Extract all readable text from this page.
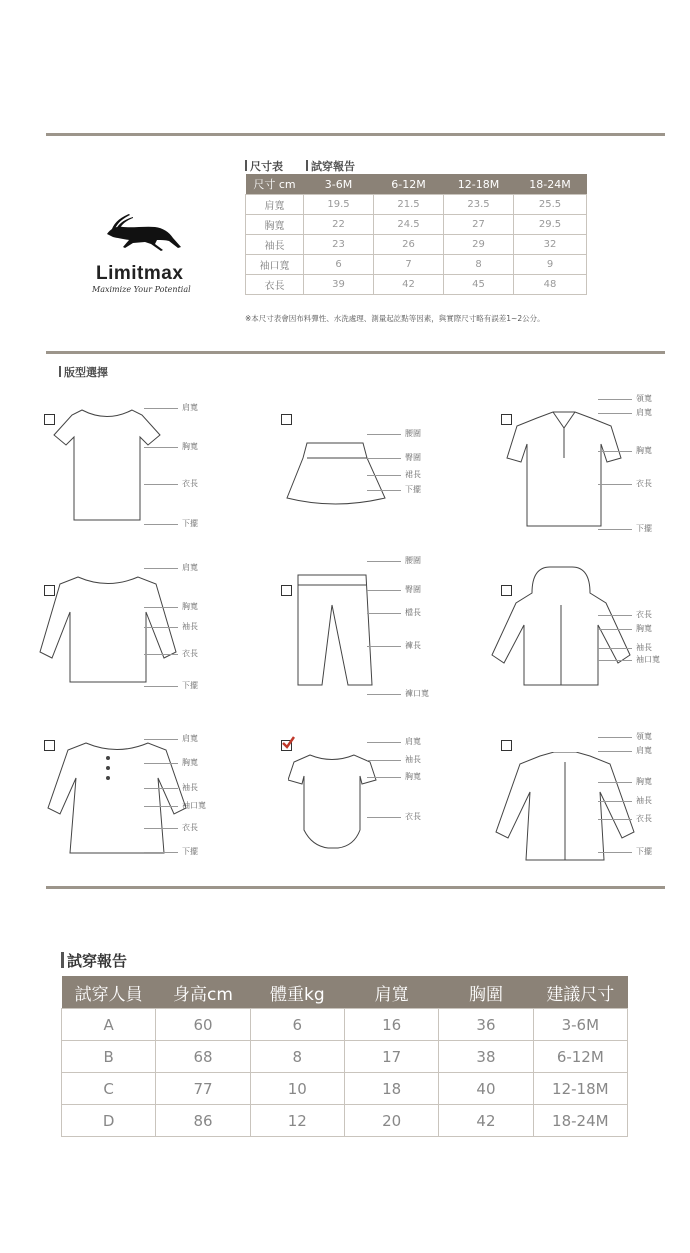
Limitmax
Maximize Your Potential
尺寸表	試穿報告
尺寸 cm	3-6M	6-12M	12-18M	18-24M
肩寬	19.5	21.5	23.5	25.5
胸寬	22	24.5	27	29.5
袖長	23	26	29	32
袖口寬	6	7	8	9
衣長	39	42	45	48
※本尺寸表會因布料彈性、水洗處理、測量起訖點等因素，與實際尺寸略有誤差1~2公分。
版型選擇
肩寬
胸寬
衣長
下擺
腰圍
臀圍
裙長
下擺
領寬
肩寬
胸寬
衣長
下擺
肩寬
胸寬
袖長
衣長
下擺
腰圍
臀圍
檔長
褲長
褲口寬
衣長
胸寬
袖長
袖口寬
肩寬
胸寬
袖長
袖口寬
衣長
下擺
肩寬
袖長
胸寬
衣長
領寬
肩寬
胸寬
袖長
衣長
下擺
試穿報告
試穿人員	身高cm	體重kg	肩寬	胸圍	建議尺寸
A	60	6	16	36	3-6M
B	68	8	17	38	6-12M
C	77	10	18	40	12-18M
D	86	12	20	42	18-24M
